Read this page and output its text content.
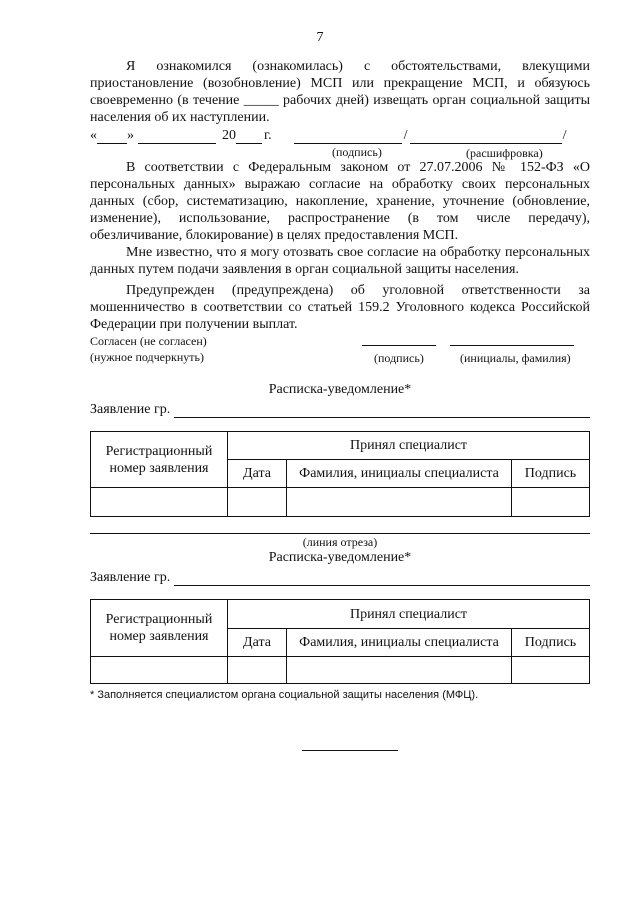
7

Я ознакомился (ознакомилась) с обстоятельствами, влекущими приостановление (возобновление) МСП или прекращение МСП, и обязуюсь своевременно (в течение _____ рабочих дней) извещать орган социальной защиты населения об их наступлении.

« »	20 г.	/	/
(подпись)	(расшифровка)

В соответствии с Федеральным законом от 27.07.2006 № 152-ФЗ «О персональных данных» выражаю согласие на обработку своих персональных данных (сбор, систематизацию, накопление, хранение, уточнение (обновление, изменение), использование, распространение (в том числе передачу), обезличивание, блокирование) в целях предоставления МСП.

Мне известно, что я могу отозвать свое согласие на обработку персональных данных путем подачи заявления в орган социальной защиты населения.

Предупрежден (предупреждена) об уголовной ответственности за мошенничество в соответствии со статьей 159.2 Уголовного кодекса Российской Федерации при получении выплат.

Согласен (не согласен)
(нужное подчеркнуть)	(подпись)	(инициалы, фамилия)
Расписка-уведомление*
Заявление гр.
Регистрационный номер заявления	Принял специалист		
	Дата	Фамилия, инициалы специалиста	Подпись

(линия отреза)
Расписка-уведомление*
Заявление гр.
Регистрационный номер заявления	Принял специалист		
	Дата	Фамилия, инициалы специалиста	Подпись

* Заполняется специалистом органа социальной защиты населения (МФЦ).
